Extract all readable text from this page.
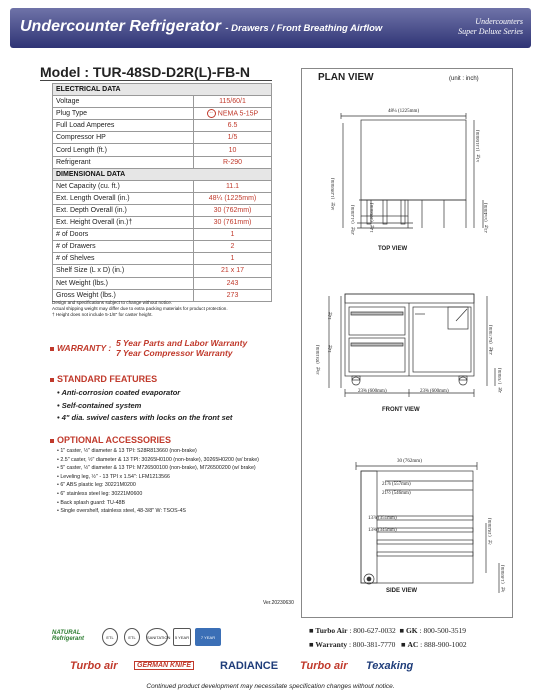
Undercounter Refrigerator - Drawers / Front Breathing Airflow
Undercounters
Super Deluxe Series
Model : TUR-48SD-D2R(L)-FB-N
ELECTRICAL DATA	
Voltage	115/60/1
Plug Type	◦◦ NEMA 5-15P
Full Load Amperes	6.5
Compressor HP	1/5
Cord Length (ft.)	10
Refrigerant	R-290
DIMENSIONAL DATA	
Net Capacity (cu. ft.)	11.1
Ext. Length Overall (in.)	48¼ (1225mm)
Ext. Depth Overall (in.)	30 (762mm)
Ext. Height Overall (in.)†	30 (761mm)
# of Doors	1
# of Drawers	2
# of Shelves	1
Shelf Size (L x D) (in.)	21 x 17
Net Weight (lbs.)	243
Gross Weight (lbs.)	273
Design and specifications subject to change without notice.
Actual shipping weight may differ due to extra packing materials for product protection.
† Height does not include 5-1/8" for caster height.
WARRANTY : 5 Year Parts and Labor Warranty
7 Year Compressor Warranty
STANDARD FEATURES
• Anti-corrosion coated evaporator
• Self-contained system
• 4" dia. swivel casters with locks on the front set
OPTIONAL ACCESSORIES
• 1" caster, ½" diameter & 13 TPI: S28R813660 (non-brake)
• 2.5" caster, ½" diameter & 13 TPI: 30265H0100 (non-brake), 30265H0200 (w/ brake)
• 5" caster, ½" diameter & 13 TPI: M726500100 (non-brake), M726500200 (w/ brake)
• Leveling leg, ½" - 13 TPI x 1.54": LFM1213566
• 6" ABS plastic leg: 30221M0200
• 6" stainless steel leg: 30221M0600
• Back splash guard: TU-48B
• Single overshelf, stainless steel, 48-3/8" W: TSOS-4S
Ver.20230630
PLAN VIEW	(unit : inch)
TOP VIEW
FRONT VIEW
SIDE VIEW
48¼ (1225mm)
50⅛ (1280mm)
20⅛ (512mm)	12⅛ (306mm)
51¾ (1316mm)
21¾ (554mm)
35⅛ (891mm)
12⅛
12⅛	24⅛ (627mm)
2⅝ (70mm)
23⅝ (600mm)	23⅝ (600mm)
30 (762mm)
21⅞ (557mm)
21½ (546mm)
13⅞ (351mm)
13⅝ (345mm)	7⅛ (182mm)
5⅛ (130mm)
■ Turbo Air : 800-627-0032  ■ GK : 800-500-3519
■ Warranty : 800-381-7770   ■ AC : 888-900-1002
NATURAL
Refrigerant	ETL	ETL	SANITATION	5 YEAR	7 YEAR
Turbo air	GERMAN KNIFE	RADIANCE Turbo air Texaking
Continued product development may necessitate specification changes without notice.
